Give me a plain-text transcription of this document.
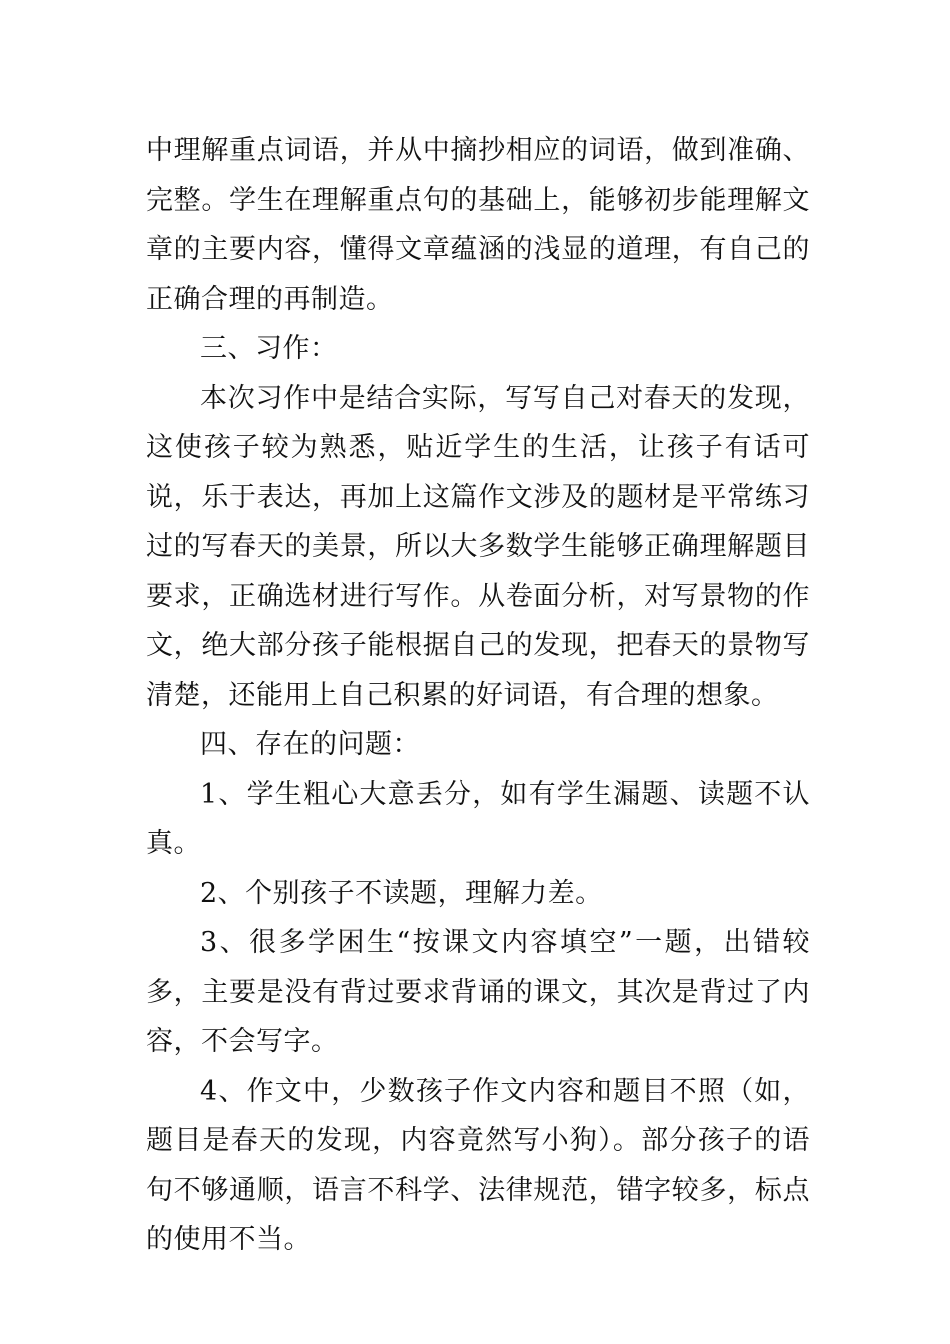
中理解重点词语，并从中摘抄相应的词语，做到准确、完整。学生在理解重点句的基础上，能够初步能理解文章的主要内容，懂得文章蕴涵的浅显的道理，有自己的正确合理的再制造。

三、习作：

本次习作中是结合实际，写写自己对春天的发现，这使孩子较为熟悉，贴近学生的生活，让孩子有话可说，乐于表达，再加上这篇作文涉及的题材是平常练习过的写春天的美景，所以大多数学生能够正确理解题目要求，正确选材进行写作。从卷面分析，对写景物的作文，绝大部分孩子能根据自己的发现，把春天的景物写清楚，还能用上自己积累的好词语，有合理的想象。

四、存在的问题：

1、学生粗心大意丢分，如有学生漏题、读题不认真。

2、个别孩子不读题，理解力差。

3、很多学困生“按课文内容填空”一题，出错较多，主要是没有背过要求背诵的课文，其次是背过了内容，不会写字。

4、作文中，少数孩子作文内容和题目不照（如，题目是春天的发现，内容竟然写小狗）。部分孩子的语句不够通顺，语言不科学、法律规范，错字较多，标点的使用不当。
